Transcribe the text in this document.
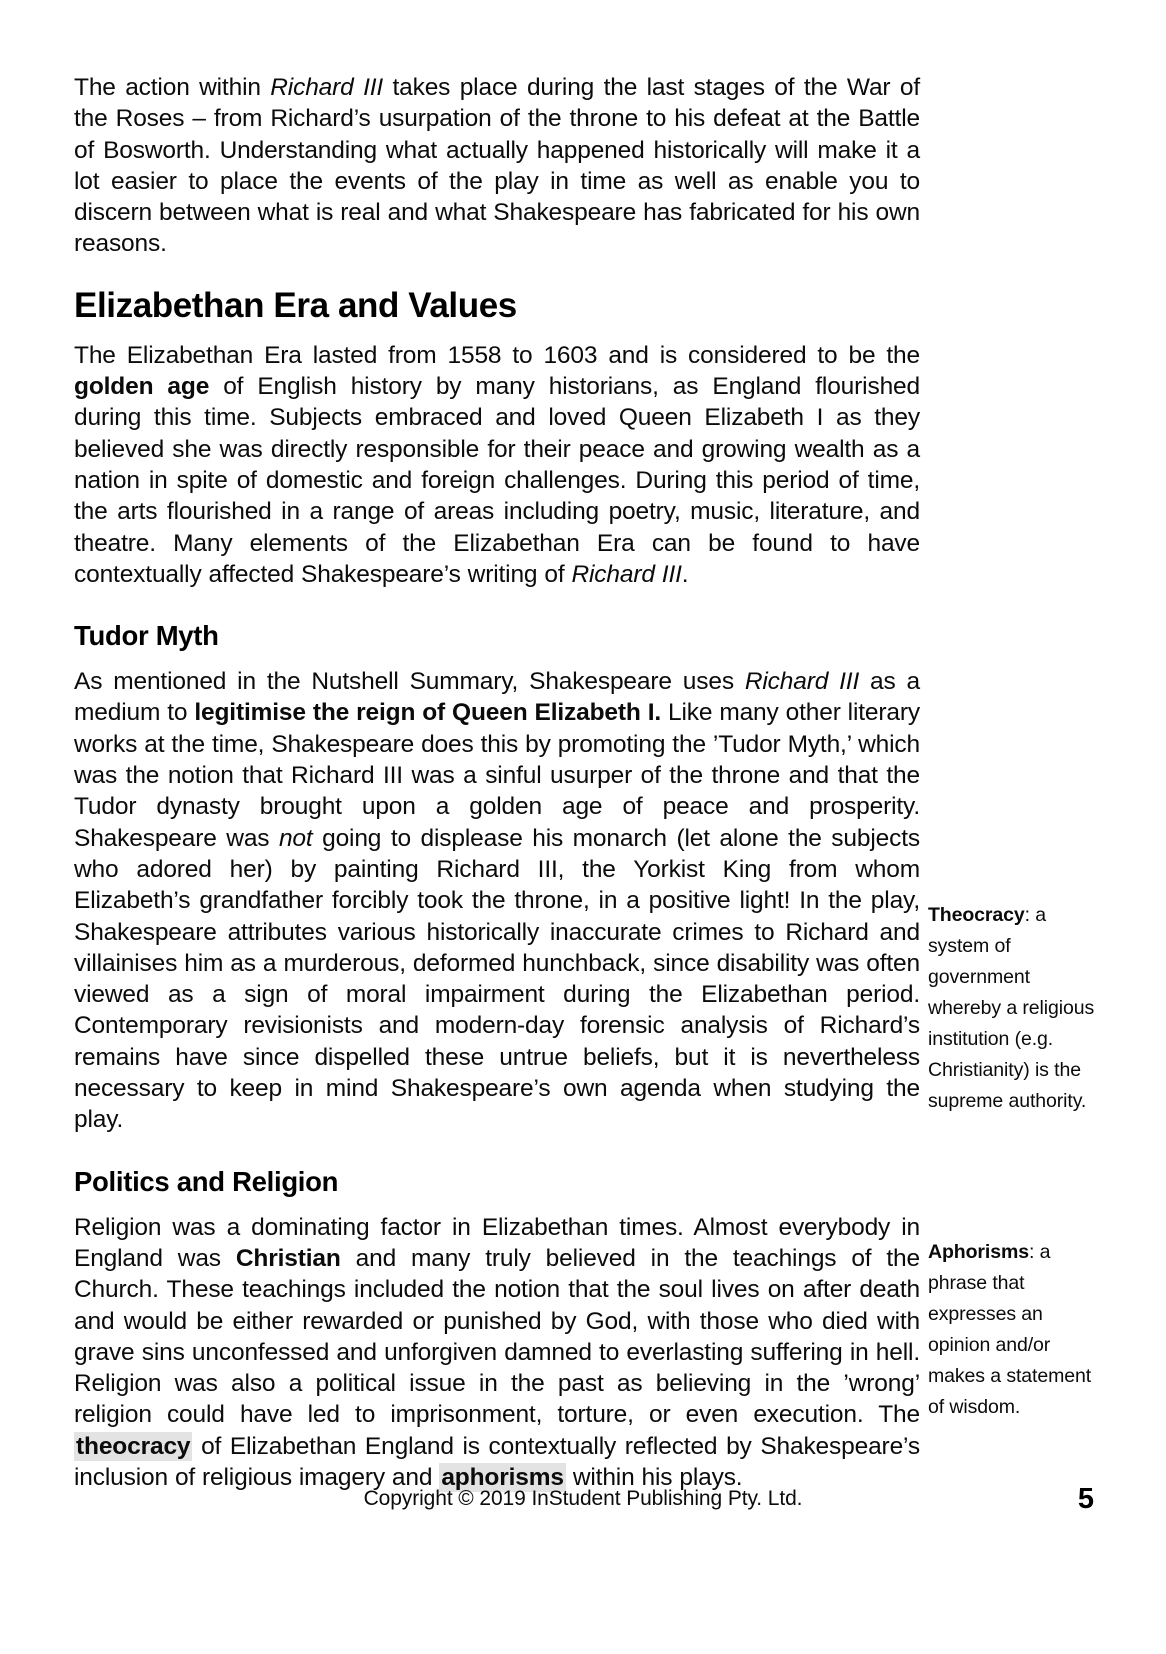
The action within Richard III takes place during the last stages of the War of the Roses – from Richard’s usurpation of the throne to his defeat at the Battle of Bosworth. Understanding what actually happened historically will make it a lot easier to place the events of the play in time as well as enable you to discern between what is real and what Shakespeare has fabricated for his own reasons.

Elizabethan Era and Values

The Elizabethan Era lasted from 1558 to 1603 and is considered to be the golden age of English history by many historians, as England flourished during this time. Subjects embraced and loved Queen Elizabeth I as they believed she was directly responsible for their peace and growing wealth as a nation in spite of domestic and foreign challenges. During this period of time, the arts flourished in a range of areas including poetry, music, literature, and theatre. Many elements of the Elizabethan Era can be found to have contextually affected Shakespeare’s writing of Richard III.

Tudor Myth

As mentioned in the Nutshell Summary, Shakespeare uses Richard III as a medium to legitimise the reign of Queen Elizabeth I. Like many other literary works at the time, Shakespeare does this by promoting the ’Tudor Myth,’ which was the notion that Richard III was a sinful usurper of the throne and that the Tudor dynasty brought upon a golden age of peace and prosperity. Shakespeare was not going to displease his monarch (let alone the subjects who adored her) by painting Richard III, the Yorkist King from whom Elizabeth’s grandfather forcibly took the throne, in a positive light! In the play, Shakespeare attributes various historically inaccurate crimes to Richard and villainises him as a murderous, deformed hunchback, since disability was often viewed as a sign of moral impairment during the Elizabethan period. Contemporary revisionists and modern-day forensic analysis of Richard’s remains have since dispelled these untrue beliefs, but it is nevertheless necessary to keep in mind Shakespeare’s own agenda when studying the play.

Politics and Religion

Religion was a dominating factor in Elizabethan times. Almost everybody in England was Christian and many truly believed in the teachings of the Church. These teachings included the notion that the soul lives on after death and would be either rewarded or punished by God, with those who died with grave sins unconfessed and unforgiven damned to everlasting suffering in hell. Religion was also a political issue in the past as believing in the ’wrong’ religion could have led to imprisonment, torture, or even execution. The theocracy of Elizabethan England is contextually reflected by Shakespeare’s inclusion of religious imagery and aphorisms within his plays.

Theocracy: a system of government whereby a religious institution (e.g. Christianity) is the supreme authority.
Aphorisms: a phrase that expresses an opinion and/or makes a statement of wisdom.
Copyright © 2019 InStudent Publishing Pty. Ltd.	5
